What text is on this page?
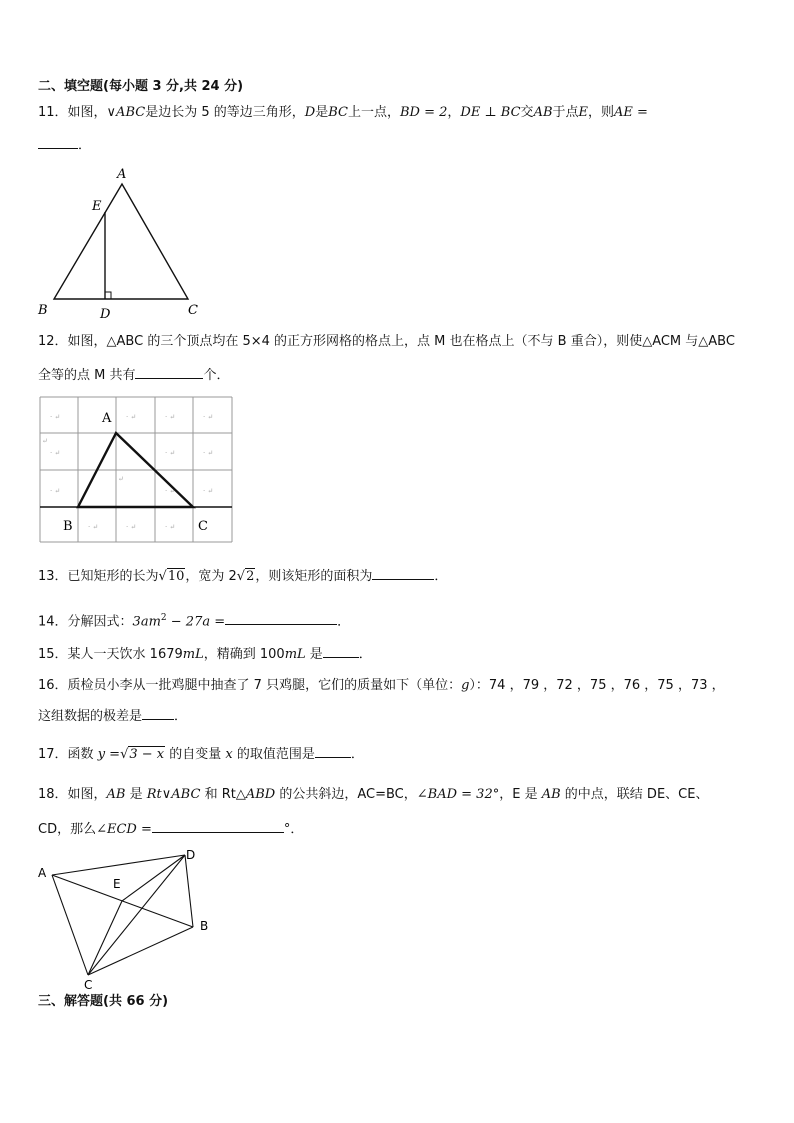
二、填空题(每小题 3 分,共 24 分)
11．如图，∨ABC是边长为 5 的等边三角形，D是BC上一点，BD = 2，DE ⊥ BC交AB于点E，则AE =
．
A
E
B	D	C
12．如图，△ABC 的三个顶点均在 5×4 的正方形网格的格点上，点 M 也在格点上（不与 B 重合），则使△ACM 与△ABC
全等的点 M 共有	个．
· ↵	· ↵	· ↵	· ↵
↵
· ↵	· ↵	· ↵
· ↵
↵
· ↵	· ↵
· ↵	· ↵	· ↵
A
B	C
13．已知矩形的长为√10，宽为 2√2，则该矩形的面积为	．
14．分解因式：$3am^2 - 27a$ =	．
15．某人一天饮水 1679mL，精确到 100mL 是	．
16．质检员小李从一批鸡腿中抽查了 7 只鸡腿，它们的质量如下（单位：g）：74 ，79 ，72 ，75 ，76 ，75 ，73 ，
这组数据的极差是 ．
17．函数 y =√3 − x 的自变量 x 的取值范围是	．
18．如图，AB 是 Rt∨ABC 和 Rt△ABD 的公共斜边，AC=BC，∠BAD = 32°，E 是 AB 的中点，联结 DE、CE、
CD，那么∠ECD =	°．
A
D
E
B
C
三、解答题(共 66 分)
